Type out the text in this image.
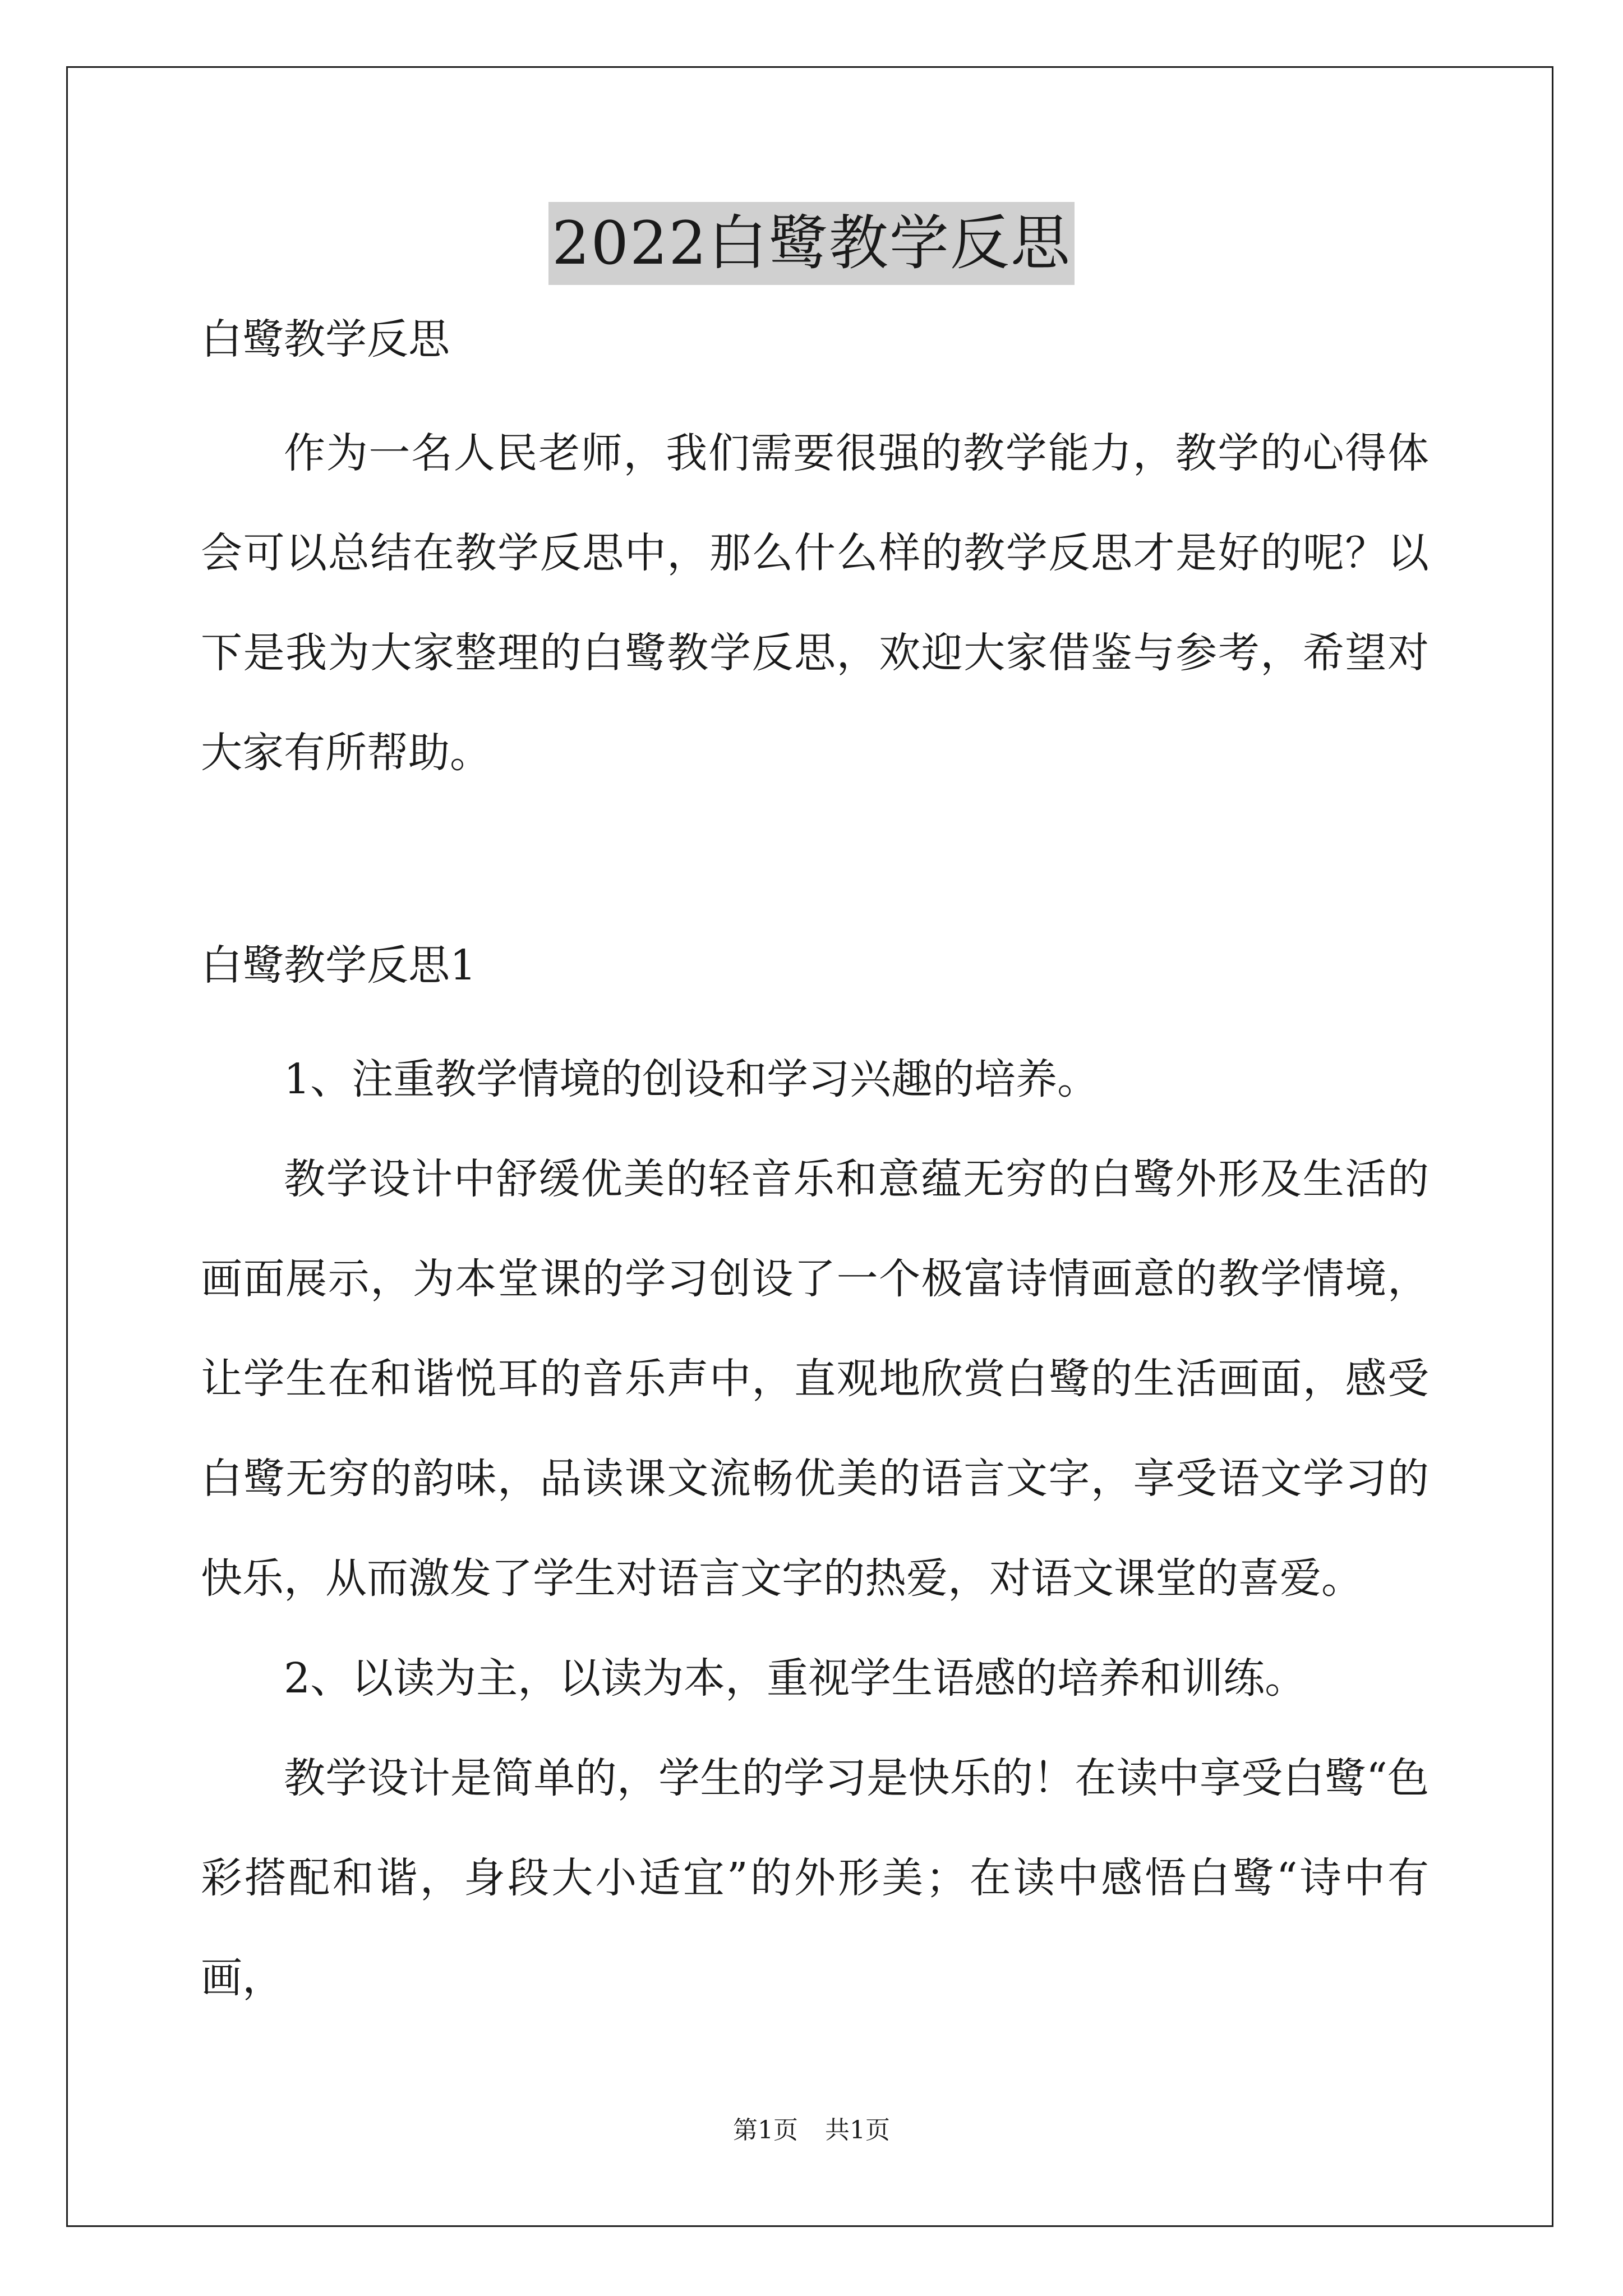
2022白鹭教学反思

白鹭教学反思

作为一名人民老师，我们需要很强的教学能力，教学的心得体会可以总结在教学反思中，那么什么样的教学反思才是好的呢？以下是我为大家整理的白鹭教学反思，欢迎大家借鉴与参考，希望对大家有所帮助。

白鹭教学反思1

1、注重教学情境的创设和学习兴趣的培养。

教学设计中舒缓优美的轻音乐和意蕴无穷的白鹭外形及生活的画面展示，为本堂课的学习创设了一个极富诗情画意的教学情境，让学生在和谐悦耳的音乐声中，直观地欣赏白鹭的生活画面，感受白鹭无穷的韵味，品读课文流畅优美的语言文字，享受语文学习的快乐，从而激发了学生对语言文字的热爱，对语文课堂的喜爱。

2、以读为主，以读为本，重视学生语感的培养和训练。

教学设计是简单的，学生的学习是快乐的！在读中享受白鹭“色彩搭配和谐，身段大小适宜”的外形美；在读中感悟白鹭“诗中有画，

第1页 共1页
